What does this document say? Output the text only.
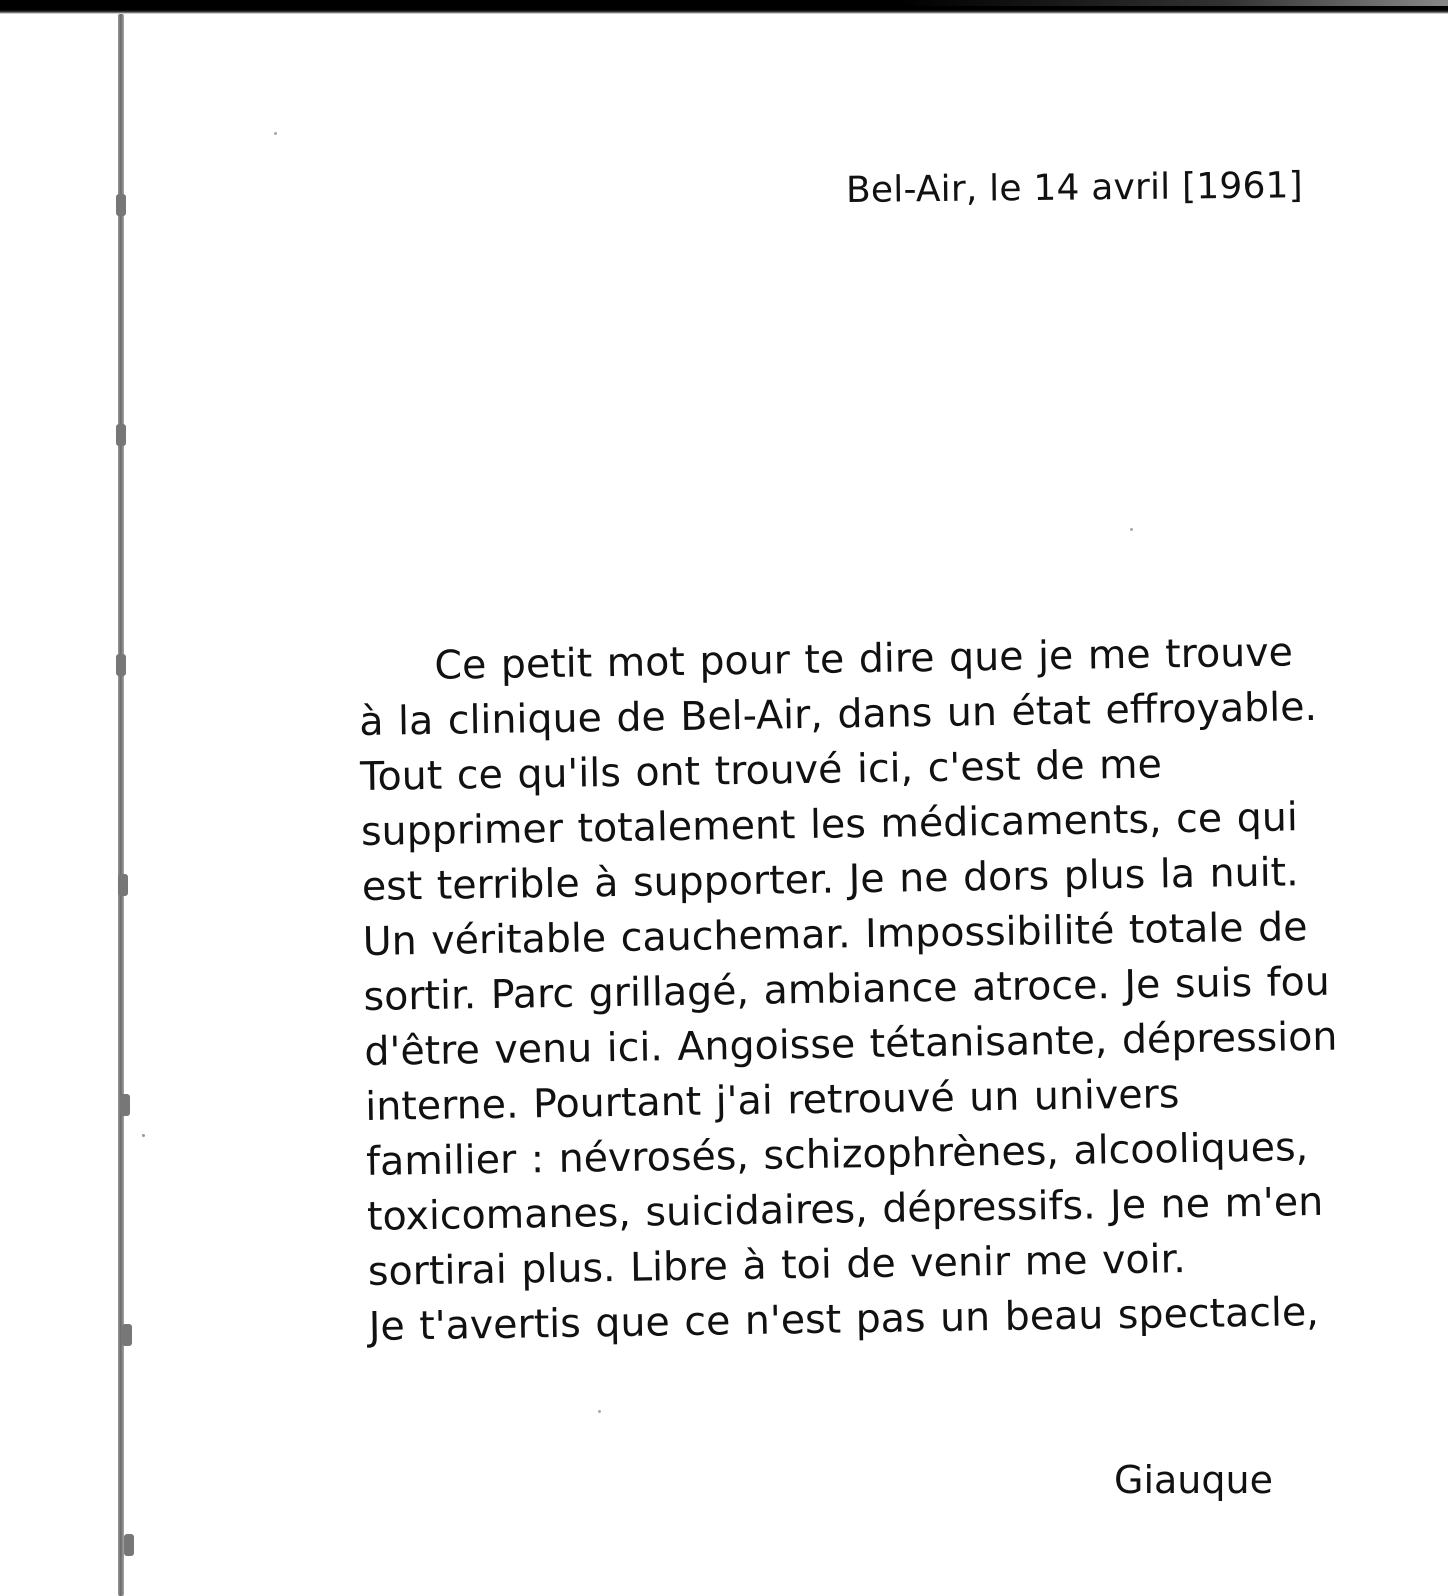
Bel-Air, le 14 avril [1961]
Ce petit mot pour te dire que je me trouve
à la clinique de Bel-Air, dans un état effroyable.
Tout ce qu'ils ont trouvé ici, c'est de me
supprimer totalement les médicaments, ce qui
est terrible à supporter. Je ne dors plus la nuit.
Un véritable cauchemar. Impossibilité totale de
sortir. Parc grillagé, ambiance atroce. Je suis fou
d'être venu ici. Angoisse tétanisante, dépression
interne. Pourtant j'ai retrouvé un univers
familier : névrosés, schizophrènes, alcooliques,
toxicomanes, suicidaires, dépressifs. Je ne m'en
sortirai plus. Libre à toi de venir me voir.
Je t'avertis que ce n'est pas un beau spectacle,
Giauque
